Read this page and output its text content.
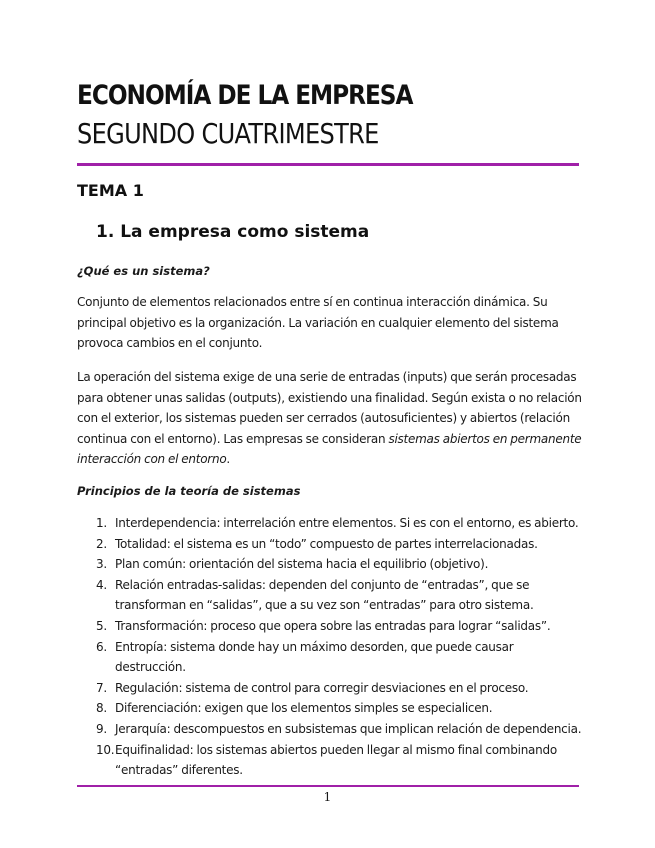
ECONOMÍA DE LA EMPRESA
SEGUNDO CUATRIMESTRE
TEMA 1
1. La empresa como sistema
¿Qué es un sistema?
Conjunto de elementos relacionados entre sí en continua interacción dinámica. Su principal objetivo es la organización. La variación en cualquier elemento del sistema provoca cambios en el conjunto.
La operación del sistema exige de una serie de entradas (inputs) que serán procesadas para obtener unas salidas (outputs), existiendo una finalidad. Según exista o no relación con el exterior, los sistemas pueden ser cerrados (autosuficientes) y abiertos (relación continua con el entorno). Las empresas se consideran sistemas abiertos en permanente interacción con el entorno.
Principios de la teoría de sistemas
1. Interdependencia: interrelación entre elementos. Si es con el entorno, es abierto.
2. Totalidad: el sistema es un “todo” compuesto de partes interrelacionadas.
3. Plan común: orientación del sistema hacia el equilibrio (objetivo).
4. Relación entradas-salidas: dependen del conjunto de “entradas”, que se transforman en “salidas”, que a su vez son “entradas” para otro sistema.
5. Transformación: proceso que opera sobre las entradas para lograr “salidas”.
6. Entropía: sistema donde hay un máximo desorden, que puede causar destrucción.
7. Regulación: sistema de control para corregir desviaciones en el proceso.
8. Diferenciación: exigen que los elementos simples se especialicen.
9. Jerarquía: descompuestos en subsistemas que implican relación de dependencia.
10. Equifinalidad: los sistemas abiertos pueden llegar al mismo final combinando “entradas” diferentes.
1
